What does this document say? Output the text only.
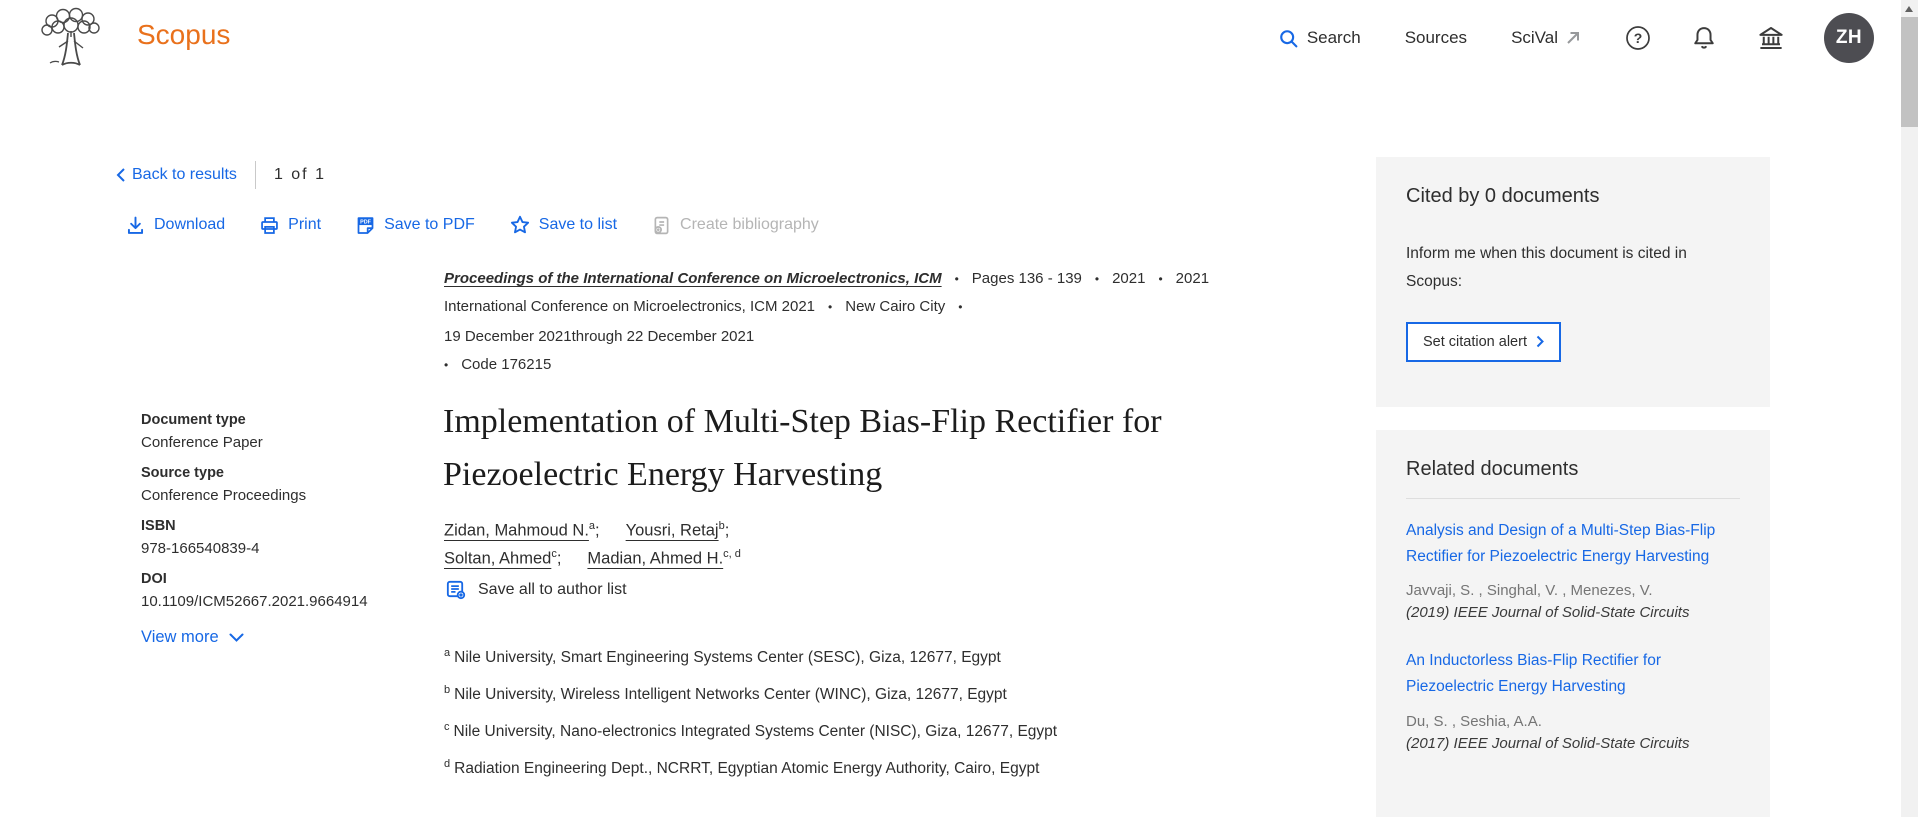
Scopus	Search	Sources	SciVal	?	ZH
Back to results 1 of 1
Download	Print	PDF Save to PDF	Save to list	Create bibliography
Proceedings of the International Conference on Microelectronics, ICM • Pages 136 - 139 • 2021 • 2021
International Conference on Microelectronics, ICM 2021 • New Cairo City •
19 December 2021through 22 December 2021
• Code 176215
Document type
Conference Paper
Source type
Conference Proceedings
ISBN
978-166540839-4
DOI
10.1109/ICM52667.2021.9664914
View more
Implementation of Multi-Step Bias-Flip Rectifier for Piezoelectric Energy Harvesting
Zidan, Mahmoud N.$^a$; Yousri, Retaj$^b$;Soltan, Ahmed$^c$; Madian, Ahmed H.$^{c, d}$
Save all to author list
$^a$ Nile University, Smart Engineering Systems Center (SESC), Giza, 12677, Egypt
$^b$ Nile University, Wireless Intelligent Networks Center (WINC), Giza, 12677, Egypt
$^c$ Nile University, Nano-electronics Integrated Systems Center (NISC), Giza, 12677, Egypt
$^d$ Radiation Engineering Dept., NCRRT, Egyptian Atomic Energy Authority, Cairo, Egypt
Cited by 0 documents
Inform me when this document is cited in Scopus:
Set citation alert
Related documents
Analysis and Design of a Multi-Step Bias-Flip Rectifier for Piezoelectric Energy Harvesting
Javvaji, S. , Singhal, V. , Menezes, V.
(2019) IEEE Journal of Solid-State Circuits
An Inductorless Bias-Flip Rectifier for Piezoelectric Energy Harvesting
Du, S. , Seshia, A.A.
(2017) IEEE Journal of Solid-State Circuits
